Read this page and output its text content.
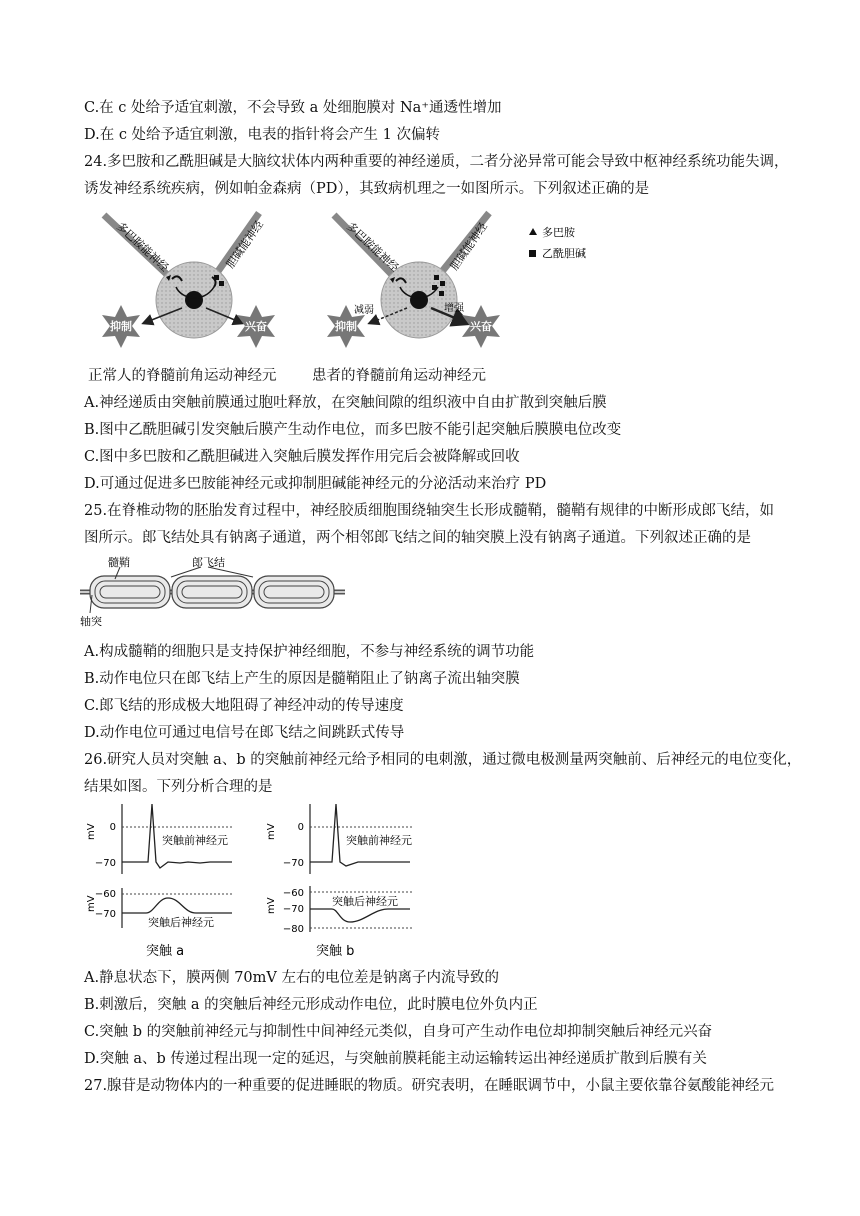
C.在 c 处给予适宜刺激，不会导致 a 处细胞膜对 Na⁺通透性增加
D.在 c 处给予适宜刺激，电表的指针将会产生 1 次偏转
24.多巴胺和乙酰胆碱是大脑纹状体内两种重要的神经递质，二者分泌异常可能会导致中枢神经系统功能失调，
诱发神经系统疾病，例如帕金森病（PD），其致病机理之一如图所示。下列叙述正确的是
抑制	兴奋
多巴胺能神经	胆碱能神经
抑制	兴奋
减弱	增强
多巴胺能神经	胆碱能神经	多巴胺
乙酰胆碱
正常人的脊髓前角运动神经元 患者的脊髓前角运动神经元
A.神经递质由突触前膜通过胞吐释放，在突触间隙的组织液中自由扩散到突触后膜
B.图中乙酰胆碱引发突触后膜产生动作电位，而多巴胺不能引起突触后膜膜电位改变
C.图中多巴胺和乙酰胆碱进入突触后膜发挥作用完后会被降解或回收
D.可通过促进多巴胺能神经元或抑制胆碱能神经元的分泌活动来治疗 PD
25.在脊椎动物的胚胎发育过程中，神经胶质细胞围绕轴突生长形成髓鞘，髓鞘有规律的中断形成郎飞结，如
图所示。郎飞结处具有钠离子通道，两个相邻郎飞结之间的轴突膜上没有钠离子通道。下列叙述正确的是
髓鞘	郎飞结
轴突
A.构成髓鞘的细胞只是支持保护神经细胞，不参与神经系统的调节功能
B.动作电位只在郎飞结上产生的原因是髓鞘阻止了钠离子流出轴突膜
C.郎飞结的形成极大地阻碍了神经冲动的传导速度
D.动作电位可通过电信号在郎飞结之间跳跃式传导
26.研究人员对突触 a、b 的突触前神经元给予相同的电刺激，通过微电极测量两突触前、后神经元的电位变化，
结果如图。下列分析合理的是
mV 0
−70
突触前神经元
mV
−60
−70
突触后神经元
突触 a
mV 0
−70
突触前神经元
mV
−60
−70
−80
突触后神经元
突触 b
A.静息状态下，膜两侧 70mV 左右的电位差是钠离子内流导致的
B.刺激后，突触 a 的突触后神经元形成动作电位，此时膜电位外负内正
C.突触 b 的突触前神经元与抑制性中间神经元类似，自身可产生动作电位却抑制突触后神经元兴奋
D.突触 a、b 传递过程出现一定的延迟，与突触前膜耗能主动运输转运出神经递质扩散到后膜有关
27.腺苷是动物体内的一种重要的促进睡眠的物质。研究表明，在睡眠调节中，小鼠主要依靠谷氨酸能神经元
